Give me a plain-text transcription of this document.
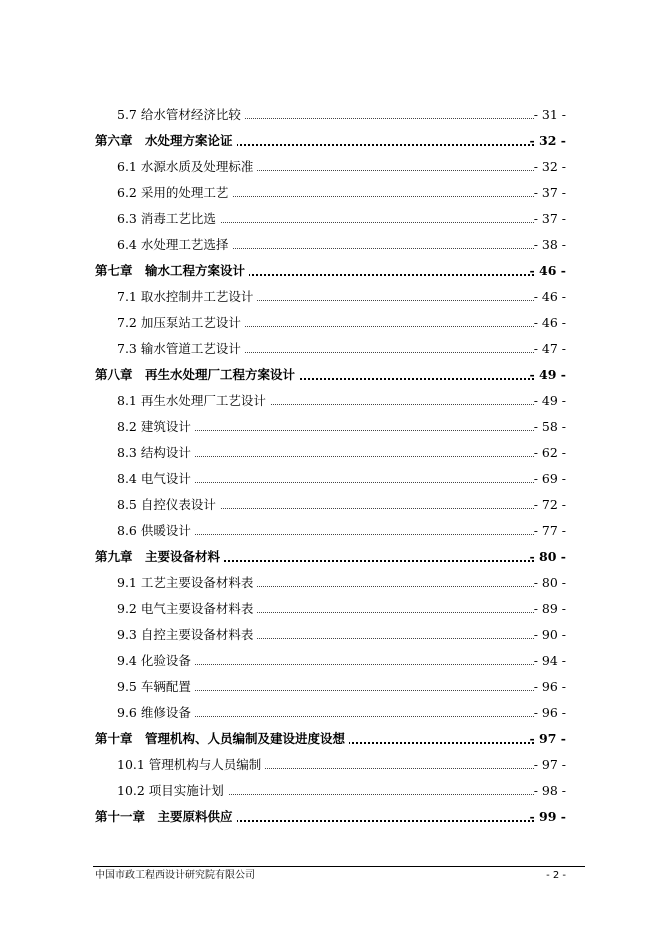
5.7 给水管材经济比较	- 31 -
第六章　水处理方案论证	- 32 -
6.1 水源水质及处理标准	- 32 -
6.2 采用的处理工艺	- 37 -
6.3 消毒工艺比选	- 37 -
6.4 水处理工艺选择	- 38 -
第七章　输水工程方案设计	- 46 -
7.1 取水控制井工艺设计	- 46 -
7.2 加压泵站工艺设计	- 46 -
7.3 输水管道工艺设计	- 47 -
第八章　再生水处理厂工程方案设计	- 49 -
8.1 再生水处理厂工艺设计	- 49 -
8.2 建筑设计	- 58 -
8.3 结构设计	- 62 -
8.4 电气设计	- 69 -
8.5 自控仪表设计	- 72 -
8.6 供暖设计	- 77 -
第九章　主要设备材料	- 80 -
9.1 工艺主要设备材料表	- 80 -
9.2 电气主要设备材料表	- 89 -
9.3 自控主要设备材料表	- 90 -
9.4 化验设备	- 94 -
9.5 车辆配置	- 96 -
9.6 维修设备	- 96 -
第十章　管理机构、人员编制及建设进度设想	- 97 -
10.1 管理机构与人员编制	- 97 -
10.2 项目实施计划	- 98 -
第十一章　主要原料供应	- 99 -
中国市政工程西设计研究院有限公司	- 2 -
